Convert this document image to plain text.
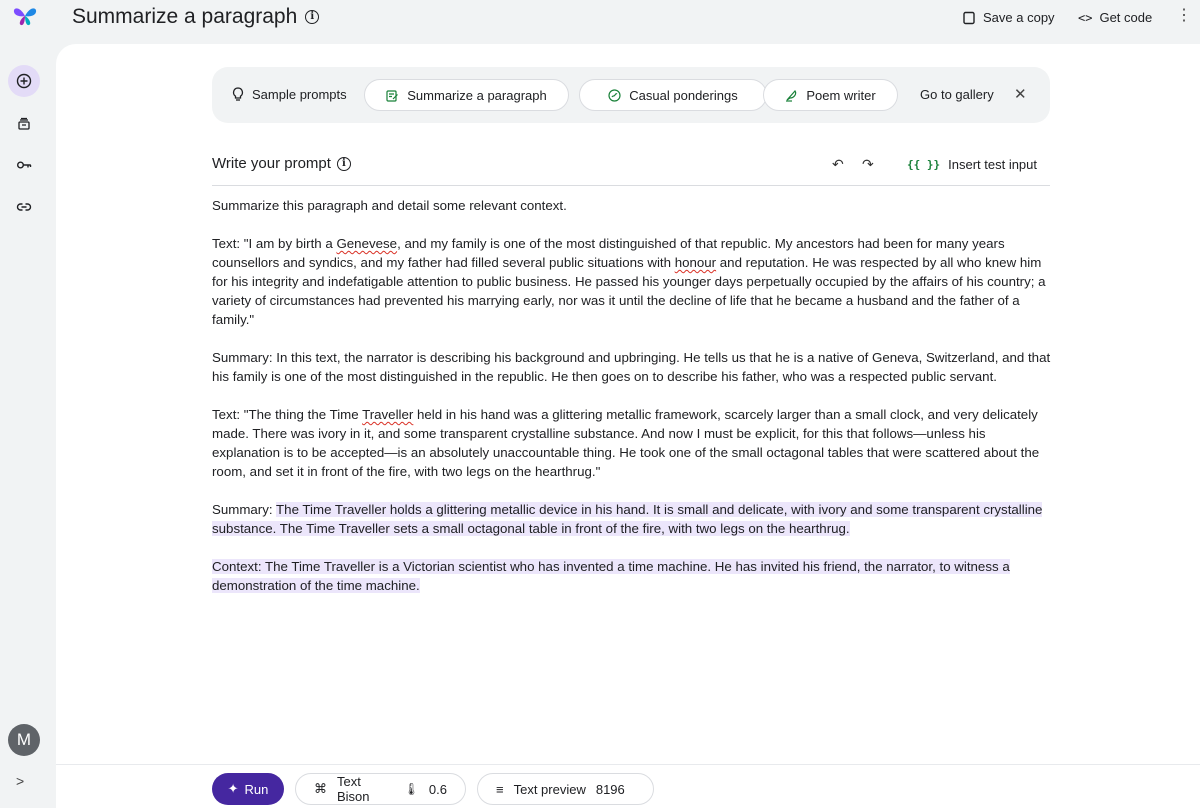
M
>
Summarize a paragraph	i	Save a copy <> Get code ⋮
Sample prompts	Summarize a paragraph	Casual ponderings	Poem writer	Go to gallery ✕
Write your prompt	i	↶ ↷	{{ }} Insert test input

Summarize this paragraph and detail some relevant context.

Text: "I am by birth a Genevese, and my family is one of the most distinguished of that republic. My ancestors had been for many years counsellors and syndics, and my father had filled several public situations with honour and reputation. He was respected by all who knew him for his integrity and indefatigable attention to public business. He passed his younger days perpetually occupied by the affairs of his country; a variety of circumstances had prevented his marrying early, nor was it until the decline of life that he became a husband and the father of a family."

Summary: In this text, the narrator is describing his background and upbringing. He tells us that he is a native of Geneva, Switzerland, and that his family is one of the most distinguished in the republic. He then goes on to describe his father, who was a respected public servant.

Text: "The thing the Time Traveller held in his hand was a glittering metallic framework, scarcely larger than a small clock, and very delicately made. There was ivory in it, and some transparent crystalline substance. And now I must be explicit, for this that follows—unless his explanation is to be accepted—is an absolutely unaccountable thing. He took one of the small octagonal tables that were scattered about the room, and set it in front of the fire, with two legs on the hearthrug."

Summary: The Time Traveller holds a glittering metallic device in his hand. It is small and delicate, with ivory and some transparent crystalline substance. The Time Traveller sets a small octagonal table in front of the fire, with two legs on the hearthrug.

Context: The Time Traveller is a Victorian scientist who has invented a time machine. He has invited his friend, the narrator, to witness a demonstration of the time machine.

✦ Run	⌘ Text Bison	🌡 0.6	≡ Text preview 8196
